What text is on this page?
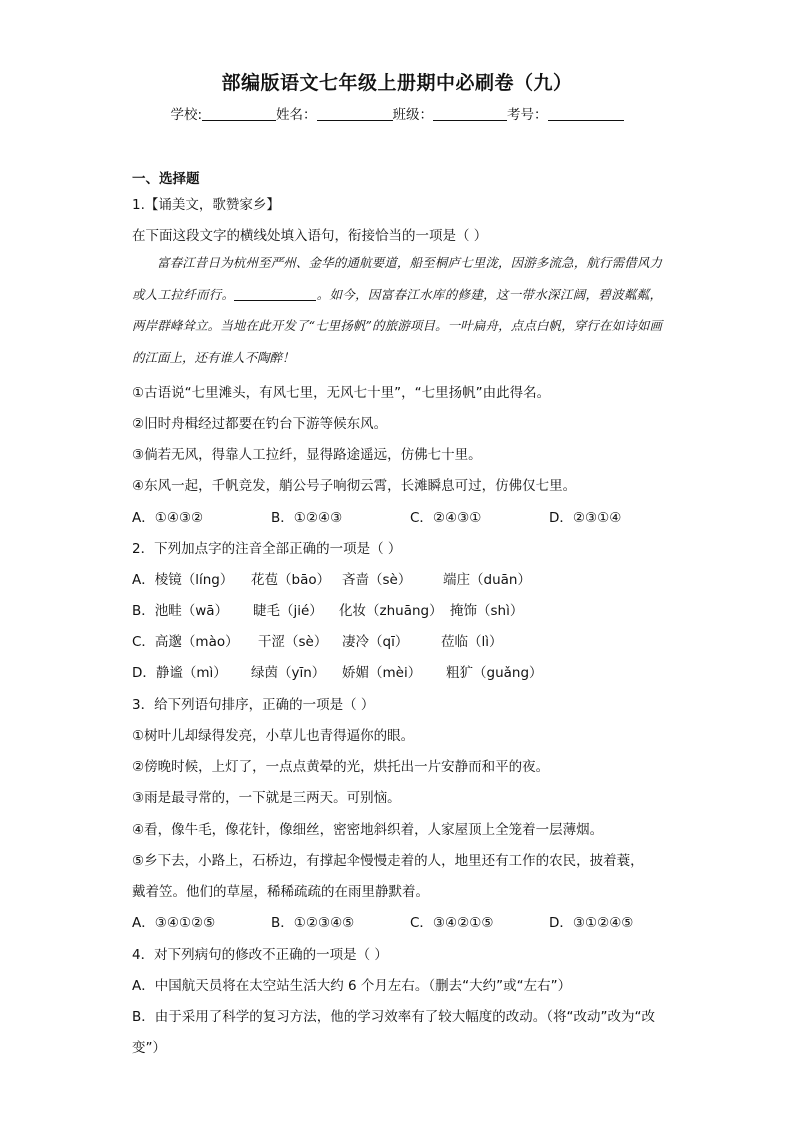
部编版语文七年级上册期中必刷卷（九）
学校:	姓名：	班级：	考号：
一、选择题
1.【诵美文，歌赞家乡】
在下面这段文字的横线处填入语句，衔接恰当的一项是（ ）
富春江昔日为杭州至严州、金华的通航要道，船至桐庐七里泷，因游多流急，航行需借风力或人工拉纤而行。	。如今，因富春江水库的修建，这一带水深江阔，碧波粼粼，两岸群峰耸立。当地在此开发了“七里扬帆”的旅游项目。一叶扁舟，点点白帆，穿行在如诗如画的江面上，还有谁人不陶醉！
①古语说“七里滩头，有风七里，无风七十里”，“七里扬帆”由此得名。
②旧时舟楫经过都要在钓台下游等候东风。
③倘若无风，得靠人工拉纤，显得路途遥远，仿佛七十里。
④东风一起，千帆竞发，艄公号子响彻云霄，长滩瞬息可过，仿佛仅七里。
A．①④③②	B．①②④③	C．②④③①	D．②③①④
2．下列加点字的注音全部正确的一项是（ ）
A．棱镜（líng） 花苞（bāo） 吝啬（sè） 端庄（duān）
B．池畦（wā） 睫毛（jié） 化妆（zhuāng） 掩饰（shì）
C．高邈（mào） 干涩（sè） 凄冷（qī） 莅临（lì）
D．静谧（mì） 绿茵（yīn） 娇媚（mèi） 粗犷（guǎng）
3．给下列语句排序，正确的一项是（ ）
①树叶儿却绿得发亮，小草儿也青得逼你的眼。
②傍晚时候，上灯了，一点点黄晕的光，烘托出一片安静而和平的夜。
③雨是最寻常的，一下就是三两天。可别恼。
④看，像牛毛，像花针，像细丝，密密地斜织着，人家屋顶上全笼着一层薄烟。
⑤乡下去，小路上，石桥边，有撑起伞慢慢走着的人，地里还有工作的农民，披着蓑，
戴着笠。他们的草屋，稀稀疏疏的在雨里静默着。
A．③④①②⑤	B．①②③④⑤	C．③④②①⑤	D．③①②④⑤
4．对下列病句的修改不正确的一项是（ ）
A．中国航天员将在太空站生活大约 6 个月左右。（删去“大约”或“左右”）
B．由于采用了科学的复习方法，他的学习效率有了较大幅度的改动。（将“改动”改为“改
变”）
